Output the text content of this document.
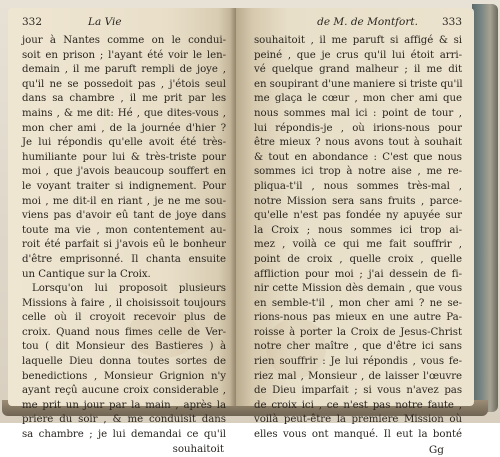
332	La Vie
jour à Nantes comme on le condui-
soit en prison ; l'ayant été voir le len-
demain , il me paruft rempli de joye ,
qu'il ne se possedoit pas , j'étois seul
dans sa chambre , il me prit par les
mains , & me dit: Hé , que dites-vous ,
mon cher ami , de la journée d'hier ?
Je lui répondis qu'elle avoit été très-
humiliante pour lui & très-triste pour
moi , que j'avois beaucoup souffert en
le voyant traiter si indignement. Pour
moi , me dit-il en riant , je ne me sou-
viens pas d'avoir eû tant de joye dans
toute ma vie , mon contentement au-
roit été parfait si j'avois eû le bonheur
d'être emprisonné. Il chanta ensuite
un Cantique sur la Croix.
Lorsqu'on lui proposoit plusieurs
Missions à faire , il choisissoit toujours
celle où il croyoit recevoir plus de
croix. Quand nous fimes celle de Ver-
tou ( dit Monsieur des Bastieres ) à
laquelle Dieu donna toutes sortes de
benedictions , Monsieur Grignion n'y
ayant reçû aucune croix considerable ,
me prit un jour par la main , après la
priere du soir , & me conduisit dans
sa chambre ; je lui demandai ce qu'il
souhaitoit
de M. de Montfort. 333
souhaitoit , il me paruft si affigé & si
peiné , que je crus qu'il lui étoit arri-
vé quelque grand malheur ; il me dit
en soupirant d'une maniere si triste qu'il
me glaça le cœur , mon cher ami que
nous sommes mal ici : point de tour ,
lui répondis-je , où irions-nous pour
être mieux ? nous avons tout à souhait
& tout en abondance : C'est que nous
sommes ici trop à notre aise , me re-
pliqua-t'il , nous sommes très-mal ,
notre Mission sera sans fruits , parce-
qu'elle n'est pas fondée ny apuyée sur
la Croix ; nous sommes ici trop ai-
mez , voilà ce qui me fait souffrir ,
point de croix , quelle croix , quelle
affliction pour moi ; j'ai dessein de fi-
nir cette Mission dès demain , que vous
en semble-t'il , mon cher ami ? ne se-
rions-nous pas mieux en une autre Pa-
roisse à porter la Croix de Jesus-Christ
notre cher maître , que d'être ici sans
rien souffrir : Je lui répondis , vous fe-
riez mal , Monsieur , de laisser l'œuvre
de Dieu imparfait ; si vous n'avez pas
de croix ici , ce n'est pas notre faute ,
voilà peut-être la premiere Mission où
elles vous ont manqué. Il eut la bonté
Gg
